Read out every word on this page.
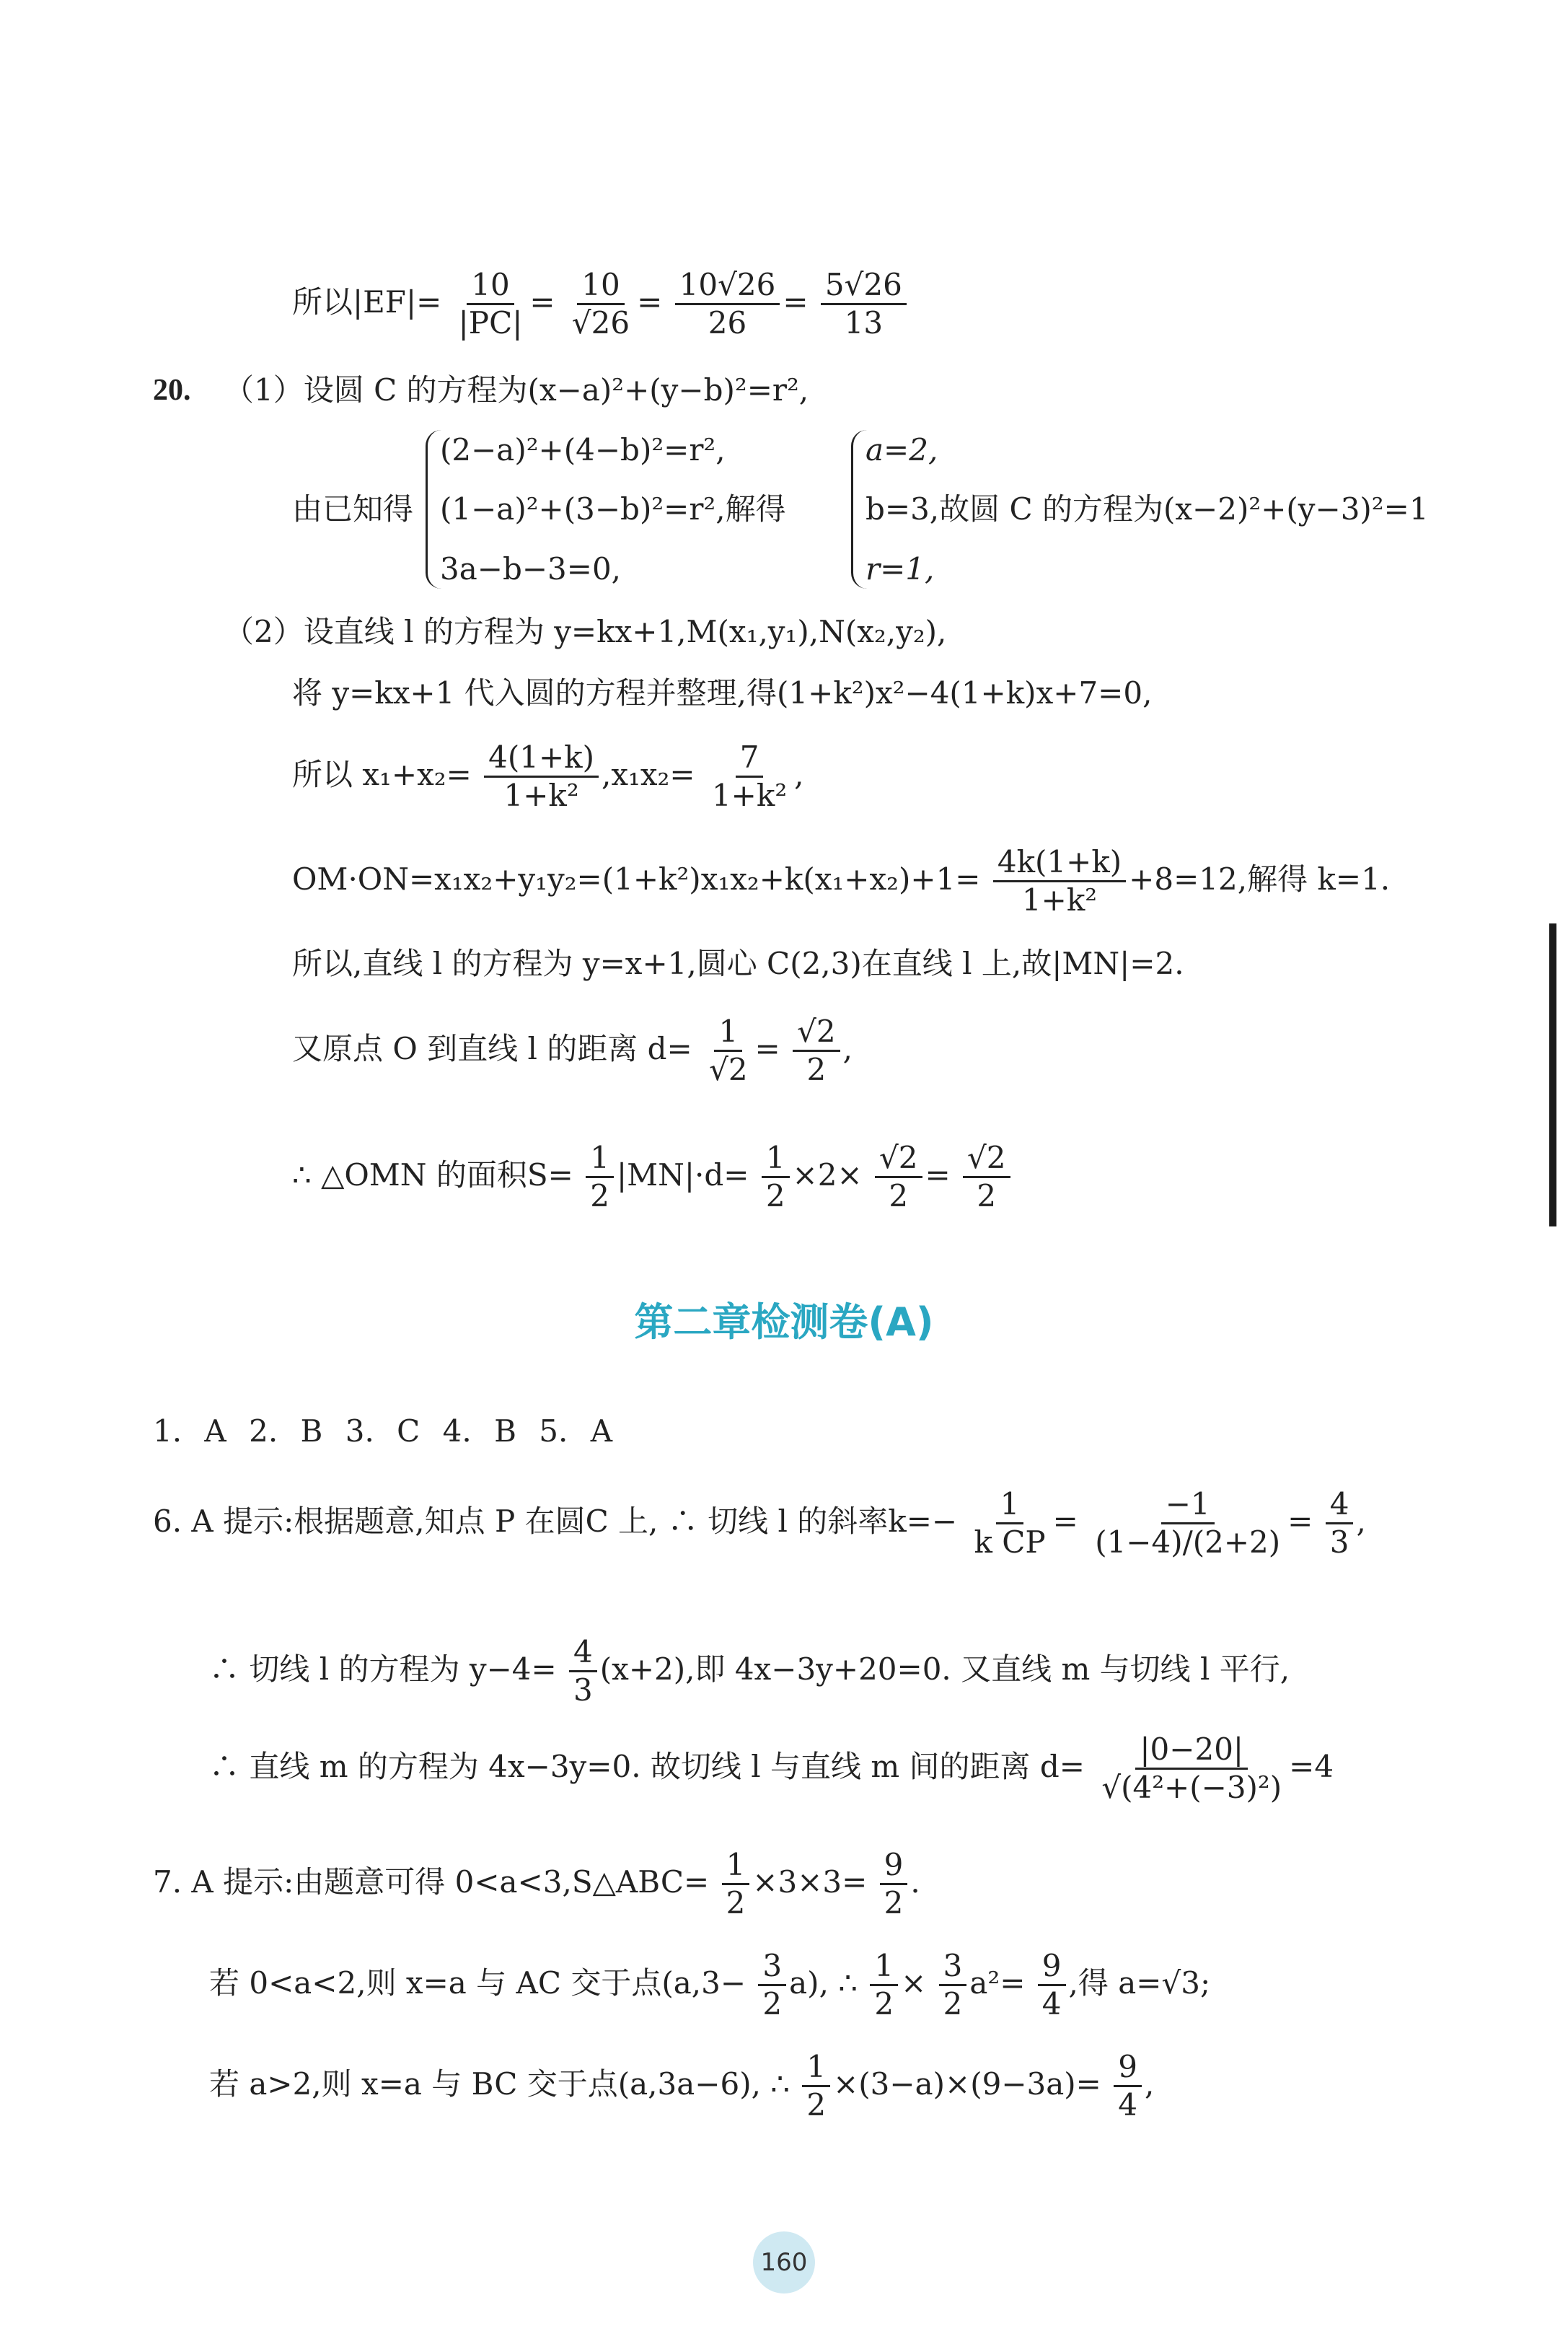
所以$|EF|= \frac{10}{|PC|} = \frac{10}{√26} = \frac{10√26}{26} = \frac{5√26}{13}$
20. （1）设圆 C 的方程为(x−a)²+(y−b)²=r²,
由已知得
(2−a)²+(4−b)²=r²,
(1−a)²+(3−b)²=r²,解得
3a−b−3=0,
a=2,
b=3,故圆 C 的方程为(x−2)²+(y−3)²=1
r=1,
（2）设直线 l 的方程为 y=kx+1,M(x₁,y₁),N(x₂,y₂),
将 y=kx+1 代入圆的方程并整理,得(1+k²)x²−4(1+k)x+7=0,
所以 $x_1+x_2= \frac{4(1+k)}{\text{1+k²}} ,x_1x_2= \frac{7}{\text{1+k²}}$ ,
$OM\cdot ON=x_1x_2+y_1y_2=(1+k^2)x_1x_2+k(x_1+x_2)+1= \frac{4k(1+k)}{\text{1+k²}} +8=12$,解得 k=1.
所以,直线 l 的方程为 y=x+1,圆心 C(2,3)在直线 l 上,故|MN|=2.
又原点 O 到直线 l 的距离 $d= \frac{1}{√2} = \frac{√2}{2}$ ,
∴ △OMN 的面积$S= \frac{1}{2} |MN|\cdot d= \frac{1}{2} \times 2\times \frac{√2}{2} = \frac{√2}{2}$
第二章检测卷(A)
1. A 2. B 3. C 4. B 5. A
6. A 提示:根据题意,知点 P 在圆C 上, ∴ 切线 l 的斜率$k=- \frac{1}{\text{k CP}} = \frac{-1}{(1-4)/(2+2)} = \frac{4}{3}$ ,
∴ 切线 l 的方程为 $y-4= \frac{4}{3} (x+2)$,即 4x−3y+20=0. 又直线 m 与切线 l 平行,
∴ 直线 m 的方程为 4x−3y=0. 故切线 l 与直线 m 间的距离 $d= \frac{|0-20|}{\text{√(4²+(−3)²)}} =4$
7. A 提示:由题意可得 0<a<3,S△ABC= $\frac{1}{2} \times 3\times 3= \frac{9}{2}$ .
若 0<a<2,则 x=a 与 AC 交于点$(a,3- \frac{3}{2} a)$, ∴ $\frac{1}{2} \times \frac{3}{2} a^2= \frac{9}{4}$ ,得 a=√3;
若 a>2,则 x=a 与 BC 交于点(a,3a−6), ∴ $\frac{1}{2} \times(3-a)\times(9-3a)= \frac{9}{4}$ ,
160
